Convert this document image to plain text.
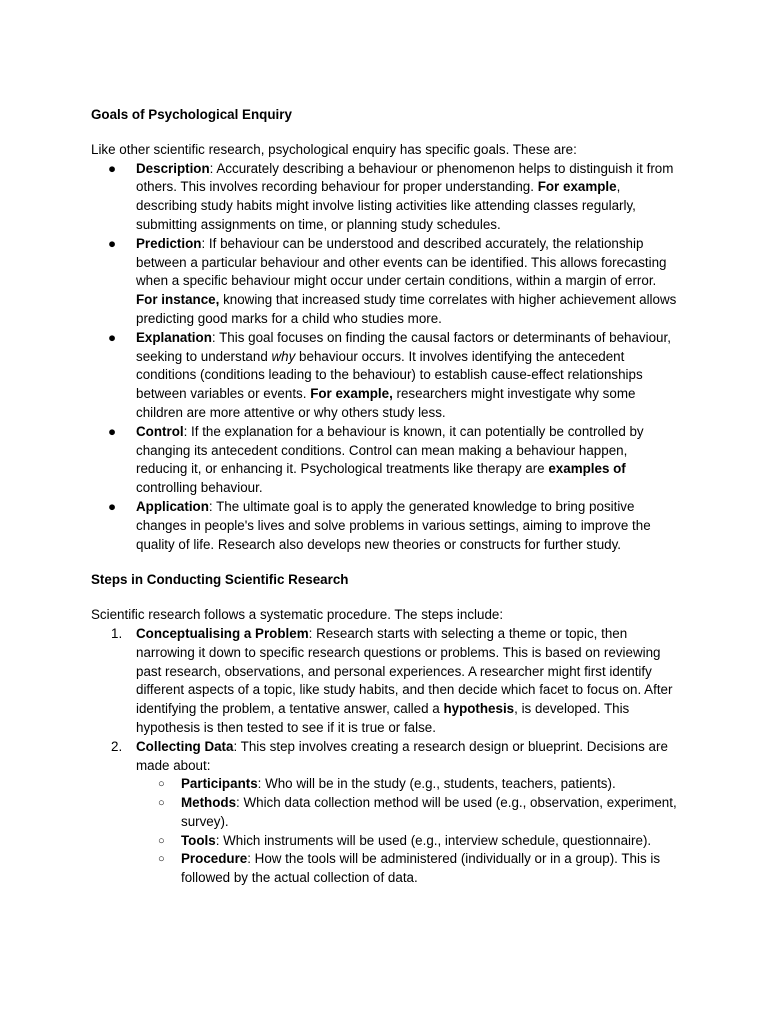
Goals of Psychological Enquiry

Like other scientific research, psychological enquiry has specific goals. These are:

● Description: Accurately describing a behaviour or phenomenon helps to distinguish it from others. This involves recording behaviour for proper understanding. For example, describing study habits might involve listing activities like attending classes regularly, submitting assignments on time, or planning study schedules.
● Prediction: If behaviour can be understood and described accurately, the relationship between a particular behaviour and other events can be identified. This allows forecasting when a specific behaviour might occur under certain conditions, within a margin of error. For instance, knowing that increased study time correlates with higher achievement allows predicting good marks for a child who studies more.
● Explanation: This goal focuses on finding the causal factors or determinants of behaviour, seeking to understand why behaviour occurs. It involves identifying the antecedent conditions (conditions leading to the behaviour) to establish cause-effect relationships between variables or events. For example, researchers might investigate why some children are more attentive or why others study less.
● Control: If the explanation for a behaviour is known, it can potentially be controlled by changing its antecedent conditions. Control can mean making a behaviour happen, reducing it, or enhancing it. Psychological treatments like therapy are examples of controlling behaviour.
● Application: The ultimate goal is to apply the generated knowledge to bring positive changes in people's lives and solve problems in various settings, aiming to improve the quality of life. Research also develops new theories or constructs for further study.
Steps in Conducting Scientific Research

Scientific research follows a systematic procedure. The steps include:

1. Conceptualising a Problem: Research starts with selecting a theme or topic, then narrowing it down to specific research questions or problems. This is based on reviewing past research, observations, and personal experiences. A researcher might first identify different aspects of a topic, like study habits, and then decide which facet to focus on. After identifying the problem, a tentative answer, called a hypothesis, is developed. This hypothesis is then tested to see if it is true or false.
2. Collecting Data: This step involves creating a research design or blueprint. Decisions are made about:
○ Participants: Who will be in the study (e.g., students, teachers, patients).
○ Methods: Which data collection method will be used (e.g., observation, experiment, survey).
○ Tools: Which instruments will be used (e.g., interview schedule, questionnaire).
○ Procedure: How the tools will be administered (individually or in a group). This is followed by the actual collection of data.
